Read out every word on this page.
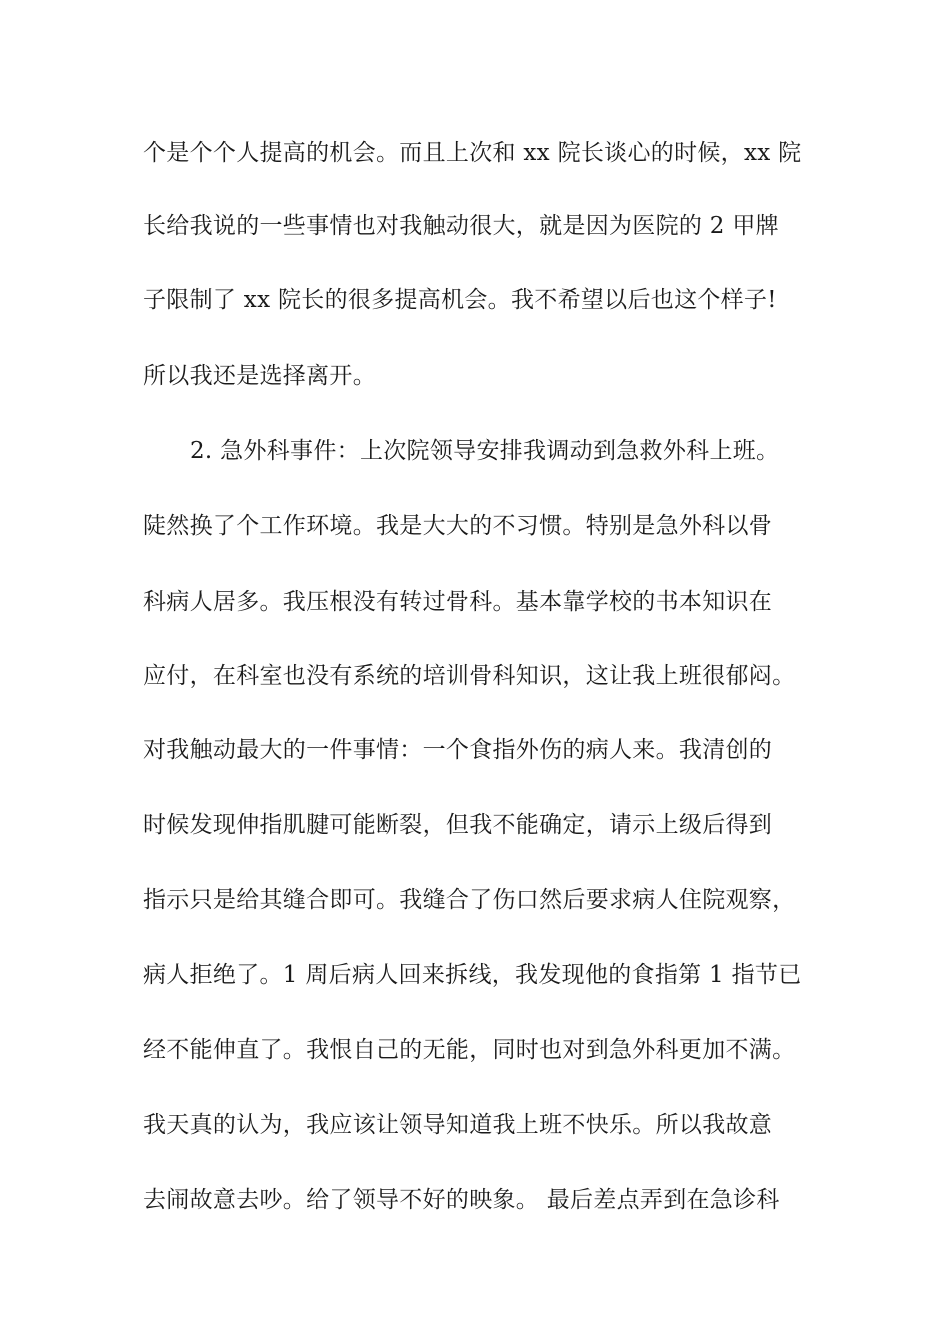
个是个个人提高的机会。而且上次和 xx 院长谈心的时候，xx 院
长给我说的一些事情也对我触动很大，就是因为医院的 2 甲牌
子限制了 xx 院长的很多提高机会。我不希望以后也这个样子!
所以我还是选择离开。
2. 急外科事件：上次院领导安排我调动到急救外科上班。
陡然换了个工作环境。我是大大的不习惯。特别是急外科以骨
科病人居多。我压根没有转过骨科。基本靠学校的书本知识在
应付，在科室也没有系统的培训骨科知识，这让我上班很郁闷。
对我触动最大的一件事情：一个食指外伤的病人来。我清创的
时候发现伸指肌腱可能断裂，但我不能确定，请示上级后得到
指示只是给其缝合即可。我缝合了伤口然后要求病人住院观察，
病人拒绝了。1 周后病人回来拆线，我发现他的食指第 1 指节已
经不能伸直了。我恨自己的无能，同时也对到急外科更加不满。
我天真的认为，我应该让领导知道我上班不快乐。所以我故意
去闹故意去吵。给了领导不好的映象。 最后差点弄到在急诊科
